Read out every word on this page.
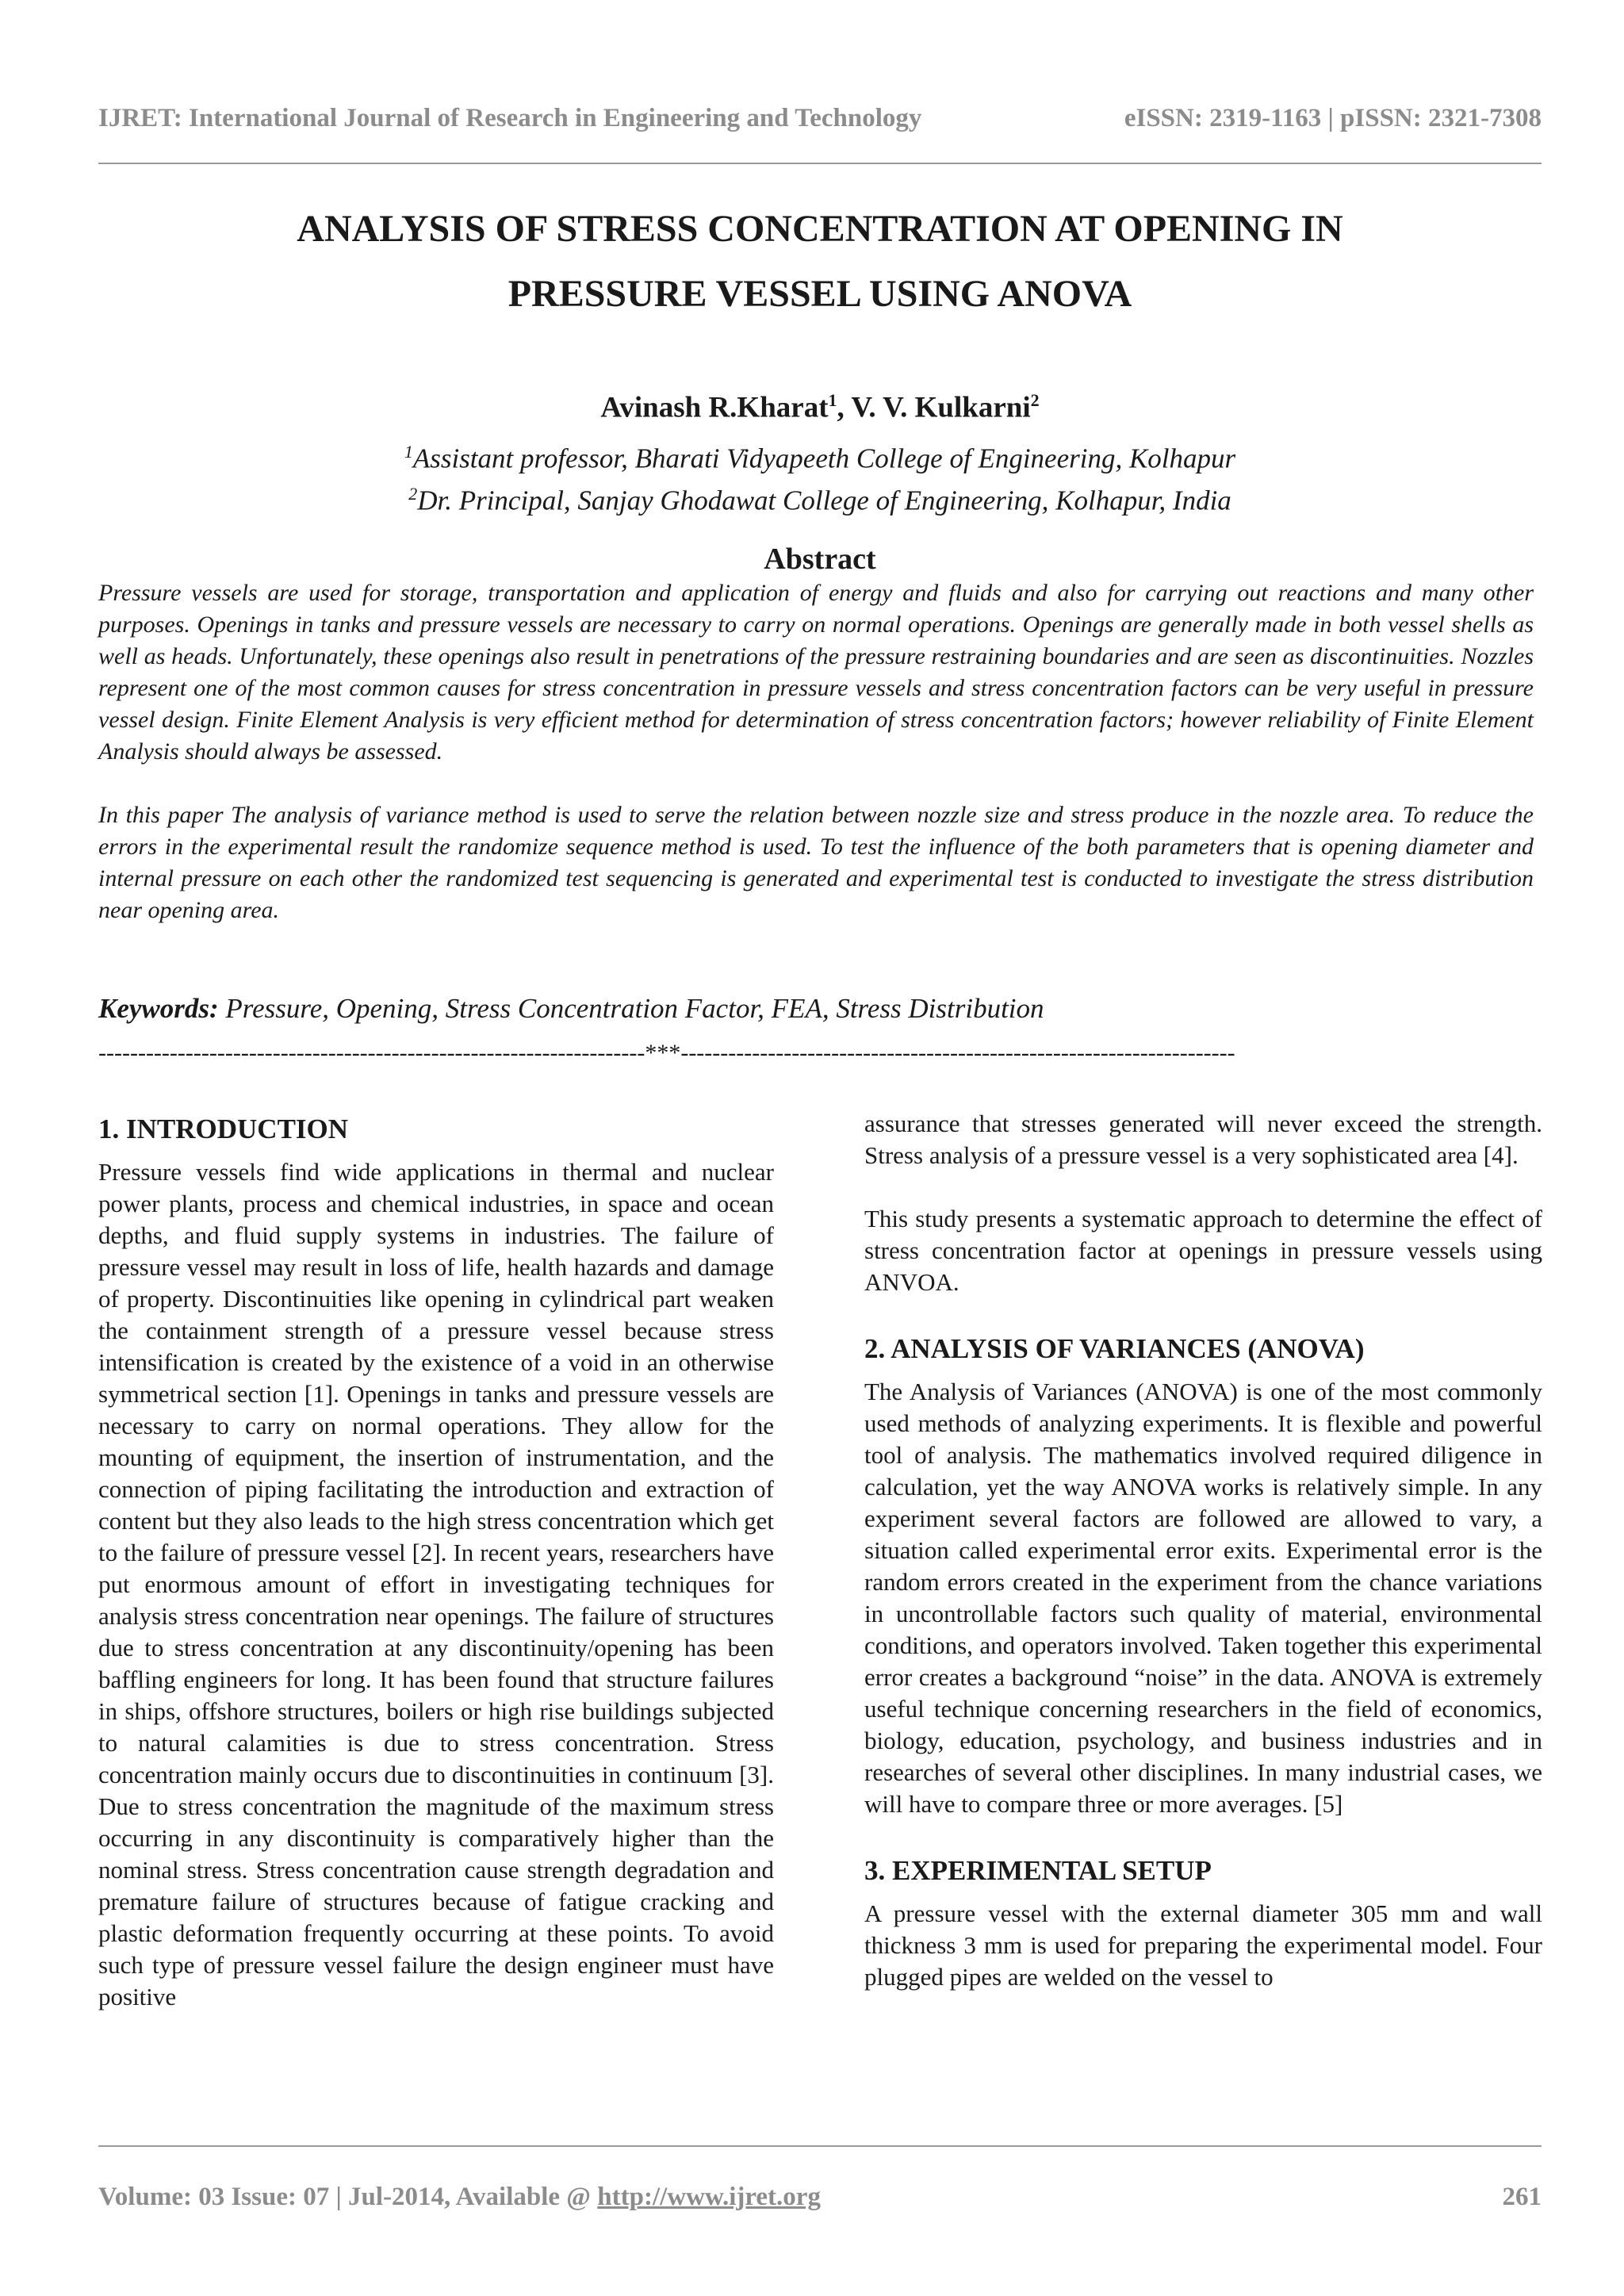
IJRET: International Journal of Research in Engineering and Technology	eISSN: 2319-1163 | pISSN: 2321-7308
ANALYSIS OF STRESS CONCENTRATION AT OPENING IN
PRESSURE VESSEL USING ANOVA
Avinash R.Kharat$^1$, V. V. Kulkarni$^2$
$^1$Assistant professor, Bharati Vidyapeeth College of Engineering, Kolhapur
$^2$Dr. Principal, Sanjay Ghodawat College of Engineering, Kolhapur, India
Abstract

Pressure vessels are used for storage, transportation and application of energy and fluids and also for carrying out reactions and many other purposes. Openings in tanks and pressure vessels are necessary to carry on normal operations. Openings are generally made in both vessel shells as well as heads. Unfortunately, these openings also result in penetrations of the pressure restraining boundaries and are seen as discontinuities. Nozzles represent one of the most common causes for stress concentration in pressure vessels and stress concentration factors can be very useful in pressure vessel design. Finite Element Analysis is very efficient method for determination of stress concentration factors; however reliability of Finite Element Analysis should always be assessed.

In this paper The analysis of variance method is used to serve the relation between nozzle size and stress produce in the nozzle area. To reduce the errors in the experimental result the randomize sequence method is used. To test the influence of the both parameters that is opening diameter and internal pressure on each other the randomized test sequencing is generated and experimental test is conducted to investigate the stress distribution near opening area.

Keywords: Pressure, Opening, Stress Concentration Factor, FEA, Stress Distribution
---------------------------------------------------------------------***----------------------------------------------------------------------
1. INTRODUCTION

Pressure vessels find wide applications in thermal and nuclear power plants, process and chemical industries, in space and ocean depths, and fluid supply systems in industries. The failure of pressure vessel may result in loss of life, health hazards and damage of property. Discontinuities like opening in cylindrical part weaken the containment strength of a pressure vessel because stress intensification is created by the existence of a void in an otherwise symmetrical section [1]. Openings in tanks and pressure vessels are necessary to carry on normal operations. They allow for the mounting of equipment, the insertion of instrumentation, and the connection of piping facilitating the introduction and extraction of content but they also leads to the high stress concentration which get to the failure of pressure vessel [2]. In recent years, researchers have put enormous amount of effort in investigating techniques for analysis stress concentration near openings. The failure of structures due to stress concentration at any discontinuity/opening has been baffling engineers for long. It has been found that structure failures in ships, offshore structures, boilers or high rise buildings subjected to natural calamities is due to stress concentration. Stress concentration mainly occurs due to discontinuities in continuum [3]. Due to stress concentration the magnitude of the maximum stress occurring in any discontinuity is comparatively higher than the nominal stress. Stress concentration cause strength degradation and premature failure of structures because of fatigue cracking and plastic deformation frequently occurring at these points. To avoid such type of pressure vessel failure the design engineer must have positive

assurance that stresses generated will never exceed the strength. Stress analysis of a pressure vessel is a very sophisticated area [4].

This study presents a systematic approach to determine the effect of stress concentration factor at openings in pressure vessels using ANVOA.

2. ANALYSIS OF VARIANCES (ANOVA)

The Analysis of Variances (ANOVA) is one of the most commonly used methods of analyzing experiments. It is flexible and powerful tool of analysis. The mathematics involved required diligence in calculation, yet the way ANOVA works is relatively simple. In any experiment several factors are followed are allowed to vary, a situation called experimental error exits. Experimental error is the random errors created in the experiment from the chance variations in uncontrollable factors such quality of material, environmental conditions, and operators involved. Taken together this experimental error creates a background “noise” in the data. ANOVA is extremely useful technique concerning researchers in the field of economics, biology, education, psychology, and business industries and in researches of several other disciplines. In many industrial cases, we will have to compare three or more averages. [5]

3. EXPERIMENTAL SETUP

A pressure vessel with the external diameter 305 mm and wall thickness 3 mm is used for preparing the experimental model. Four plugged pipes are welded on the vessel to

Volume: 03 Issue: 07 | Jul-2014, Available @ http://www.ijret.org	261
